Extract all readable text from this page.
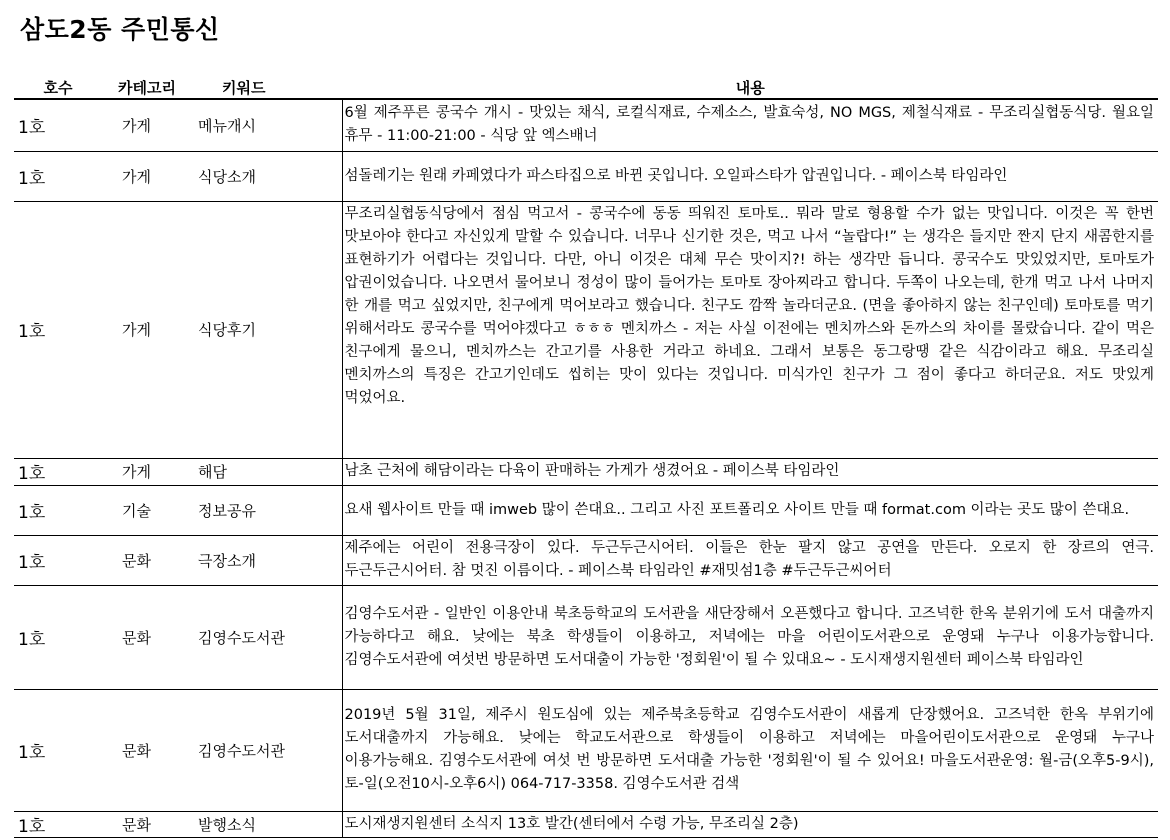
삼도2동 주민통신
호수	카테고리	키워드	내용
1호	가게	메뉴개시	6월 제주푸른 콩국수 개시 - 맛있는 채식, 로컬식재료, 수제소스, 발효숙성, NO MGS, 제철식재료 - 무조리실협동식당. 월요일 휴무 - 11:00-21:00 - 식당 앞 엑스배너
1호	가게	식당소개	섬돌레기는 원래 카페였다가 파스타집으로 바뀐 곳입니다. 오일파스타가 압권입니다. - 페이스북 타임라인
1호	가게	식당후기	무조리실협동식당에서 점심 먹고서 - 콩국수에 동동 띄워진 토마토.. 뭐라 말로 형용할 수가 없는 맛입니다. 이것은 꼭 한번 맛보아야 한다고 자신있게 말할 수 있습니다. 너무나 신기한 것은, 먹고 나서 “놀랍다!” 는 생각은 들지만 짠지 단지 새콤한지를 표현하기가 어렵다는 것입니다. 다만, 아니 이것은 대체 무슨 맛이지?! 하는 생각만 듭니다. 콩국수도 맛있었지만, 토마토가 압권이었습니다. 나오면서 물어보니 정성이 많이 들어가는 토마토 장아찌라고 합니다. 두쪽이 나오는데, 한개 먹고 나서 나머지 한 개를 먹고 싶었지만, 친구에게 먹어보라고 했습니다. 친구도 깜짝 놀라더군요. (면을 좋아하지 않는 친구인데) 토마토를 먹기 위해서라도 콩국수를 먹어야겠다고 ㅎㅎㅎ 멘치까스 - 저는 사실 이전에는 멘치까스와 돈까스의 차이를 몰랐습니다. 같이 먹은 친구에게 물으니, 멘치까스는 간고기를 사용한 거라고 하네요. 그래서 보통은 동그랑땡 같은 식감이라고 해요. 무조리실 멘치까스의 특징은 간고기인데도 씹히는 맛이 있다는 것입니다. 미식가인 친구가 그 점이 좋다고 하더군요. 저도 맛있게 먹었어요.

1호	가게	해담	남초 근처에 해담이라는 다육이 판매하는 가게가 생겼어요 - 페이스북 타임라인
1호	기술	정보공유	요새 웹사이트 만들 때 imweb 많이 쓴대요.. 그리고 사진 포트폴리오 사이트 만들 때 format.com 이라는 곳도 많이 쓴대요.
1호	문화	극장소개	제주에는 어린이 전용극장이 있다. 두근두근시어터. 이들은 한눈 팔지 않고 공연을 만든다. 오로지 한 장르의 연극. 두근두근시어터. 참 멋진 이름이다. - 페이스북 타임라인 #재밋섬1층 #두근두근씨어터
1호	문화	김영수도서관	김영수도서관 - 일반인 이용안내 북초등학교의 도서관을 새단장해서 오픈했다고 합니다. 고즈넉한 한옥 분위기에 도서 대출까지 가능하다고 해요. 낮에는 북초 학생들이 이용하고, 저녁에는 마을 어린이도서관으로 운영돼 누구나 이용가능합니다. 김영수도서관에 여섯번 방문하면 도서대출이 가능한 '정회원'이 될 수 있대요~ - 도시재생지원센터 페이스북 타임라인
1호	문화	김영수도서관	2019년 5월 31일, 제주시 원도심에 있는 제주북초등학교 김영수도서관이 새롭게 단장했어요. 고즈넉한 한옥 부위기에 도서대출까지 가능해요. 낮에는 학교도서관으로 학생들이 이용하고 저녁에는 마을어린이도서관으로 운영돼 누구나 이용가능해요. 김영수도서관에 여섯 번 방문하면 도서대출 가능한 '정회원'이 될 수 있어요! 마을도서관운영: 월-금(오후5-9시), 토-일(오전10시-오후6시) 064-717-3358. 김영수도서관 검색
1호	문화	발행소식	도시재생지원센터 소식지 13호 발간(센터에서 수령 가능, 무조리실 2층)
